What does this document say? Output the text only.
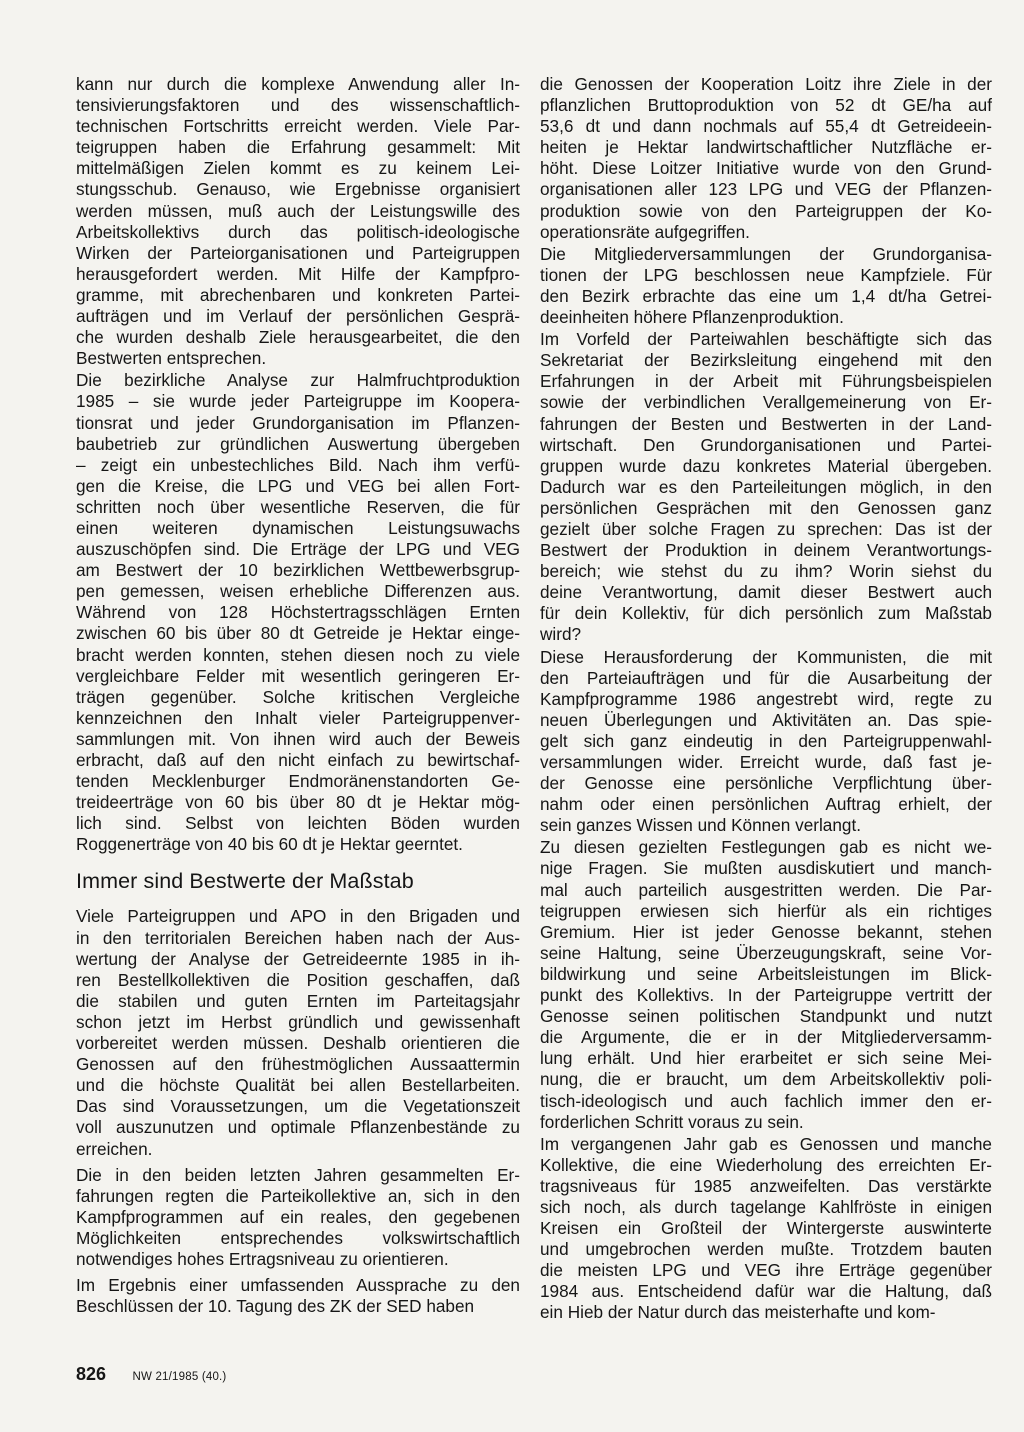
kann nur durch die komplexe Anwendung aller In-
tensivierungsfaktoren und des wissenschaftlich-
technischen Fortschritts erreicht werden. Viele Par-
teigruppen haben die Erfahrung gesammelt: Mit
mittelmäßigen Zielen kommt es zu keinem Lei-
stungsschub. Genauso, wie Ergebnisse organisiert
werden müssen, muß auch der Leistungswille des
Arbeitskollektivs durch das politisch-ideologische
Wirken der Parteiorganisationen und Parteigruppen
herausgefordert werden. Mit Hilfe der Kampfpro-
gramme, mit abrechenbaren und konkreten Partei-
aufträgen und im Verlauf der persönlichen Gesprä-
che wurden deshalb Ziele herausgearbeitet, die den
Bestwerten entsprechen.
Die bezirkliche Analyse zur Halmfruchtproduktion
1985 – sie wurde jeder Parteigruppe im Kooperа-
tionsrat und jeder Grundorganisation im Pflanzen-
baubetrieb zur gründlichen Auswertung übergeben
– zeigt ein unbestechliches Bild. Nach ihm verfü-
gen die Kreise, die LPG und VEG bei allen Fort-
schritten noch über wesentliche Reserven, die für
einen weiteren dynamischen Leistungsuwachs
auszuschöpfen sind. Die Erträge der LPG und VEG
am Bestwert der 10 bezirklichen Wettbewerbsgrup-
pen gemessen, weisen erhebliche Differenzen aus.
Während von 128 Höchstertragsschlägen Ernten
zwischen 60 bis über 80 dt Getreide je Hektar einge-
bracht werden konnten, stehen diesen noch zu viele
vergleichbare Felder mit wesentlich geringeren Er-
trägen gegenüber. Solche kritischen Vergleiche
kennzeichnen den Inhalt vieler Parteigruppenver-
sammlungen mit. Von ihnen wird auch der Beweis
erbracht, daß auf den nicht einfach zu bewirtschaf-
tenden Mecklenburger Endmoränenstandorten Ge-
treideerträge von 60 bis über 80 dt je Hektar mög-
lich sind. Selbst von leichten Böden wurden
Roggenerträge von 40 bis 60 dt je Hektar geerntet.
Immer sind Bestwerte der Maßstab
Viele Parteigruppen und APO in den Brigaden und
in den territorialen Bereichen haben nach der Aus-
wertung der Analyse der Getreideernte 1985 in ih-
ren Bestellkollektiven die Position geschaffen, daß
die stabilen und guten Ernten im Parteitagsjahr
schon jetzt im Herbst gründlich und gewissenhaft
vorbereitet werden müssen. Deshalb orientieren die
Genossen auf den frühestmöglichen Aussaattermin
und die höchste Qualität bei allen Bestellarbeiten.
Das sind Voraussetzungen, um die Vegetationszeit
voll auszunutzen und optimale Pflanzenbestände zu
erreichen.
Die in den beiden letzten Jahren gesammelten Er-
fahrungen regten die Parteikollektive an, sich in den
Kampfprogrammen auf ein reales, den gegebenen
Möglichkeiten entsprechendes volkswirtschaftlich
notwendiges hohes Ertragsniveau zu orientieren.
Im Ergebnis einer umfassenden Aussprache zu den
Beschlüssen der 10. Tagung des ZK der SED haben
die Genossen der Kooperation Loitz ihre Ziele in der
pflanzlichen Bruttoproduktion von 52 dt GE/ha auf
53,6 dt und dann nochmals auf 55,4 dt Getreideein-
heiten je Hektar landwirtschaftlicher Nutzfläche er-
höht. Diese Loitzer Initiative wurde von den Grund-
organisationen aller 123 LPG und VEG der Pflanzen-
produktion sowie von den Parteigruppen der Ko-
operationsräte aufgegriffen.
Die Mitgliederversammlungen der Grundorganisa-
tionen der LPG beschlossen neue Kampfziele. Für
den Bezirk erbrachte das eine um 1,4 dt/ha Getrei-
deeinheiten höhere Pflanzenproduktion.
Im Vorfeld der Parteiwahlen beschäftigte sich das
Sekretariat der Bezirksleitung eingehend mit den
Erfahrungen in der Arbeit mit Führungsbeispielen
sowie der verbindlichen Verallgemeinerung von Er-
fahrungen der Besten und Bestwerten in der Land-
wirtschaft. Den Grundorganisationen und Partei-
gruppen wurde dazu konkretes Material übergeben.
Dadurch war es den Parteileitungen möglich, in den
persönlichen Gesprächen mit den Genossen ganz
gezielt über solche Fragen zu sprechen: Das ist der
Bestwert der Produktion in deinem Verantwortungs-
bereich; wie stehst du zu ihm? Worin siehst du
deine Verantwortung, damit dieser Bestwert auch
für dein Kollektiv, für dich persönlich zum Maßstab
wird?
Diese Herausforderung der Kommunisten, die mit
den Parteiaufträgen und für die Ausarbeitung der
Kampfprogramme 1986 angestrebt wird, regte zu
neuen Überlegungen und Aktivitäten an. Das spie-
gelt sich ganz eindeutig in den Parteigruppenwahl-
versammlungen wider. Erreicht wurde, daß fast je-
der Genosse eine persönliche Verpflichtung über-
nahm oder einen persönlichen Auftrag erhielt, der
sein ganzes Wissen und Können verlangt.
Zu diesen gezielten Festlegungen gab es nicht we-
nige Fragen. Sie mußten ausdiskutiert und manch-
mal auch parteilich ausgestritten werden. Die Par-
teigruppen erwiesen sich hierfür als ein richtiges
Gremium. Hier ist jeder Genosse bekannt, stehen
seine Haltung, seine Überzeugungskraft, seine Vor-
bildwirkung und seine Arbeitsleistungen im Blick-
punkt des Kollektivs. In der Parteigruppe vertritt der
Genosse seinen politischen Standpunkt und nutzt
die Argumente, die er in der Mitgliederversamm-
lung erhält. Und hier erarbeitet er sich seine Mei-
nung, die er braucht, um dem Arbeitskollektiv poli-
tisch-ideologisch und auch fachlich immer den er-
forderlichen Schritt voraus zu sein.
Im vergangenen Jahr gab es Genossen und manche
Kollektive, die eine Wiederholung des erreichten Er-
tragsniveaus für 1985 anzweifelten. Das verstärkte
sich noch, als durch tagelange Kahlfröste in einigen
Kreisen ein Großteil der Wintergerste auswinterte
und umgebrochen werden mußte. Trotzdem bauten
die meisten LPG und VEG ihre Erträge gegenüber
1984 aus. Entscheidend dafür war die Haltung, daß
ein Hieb der Natur durch das meisterhafte und kom-
826 NW 21/1985 (40.)
